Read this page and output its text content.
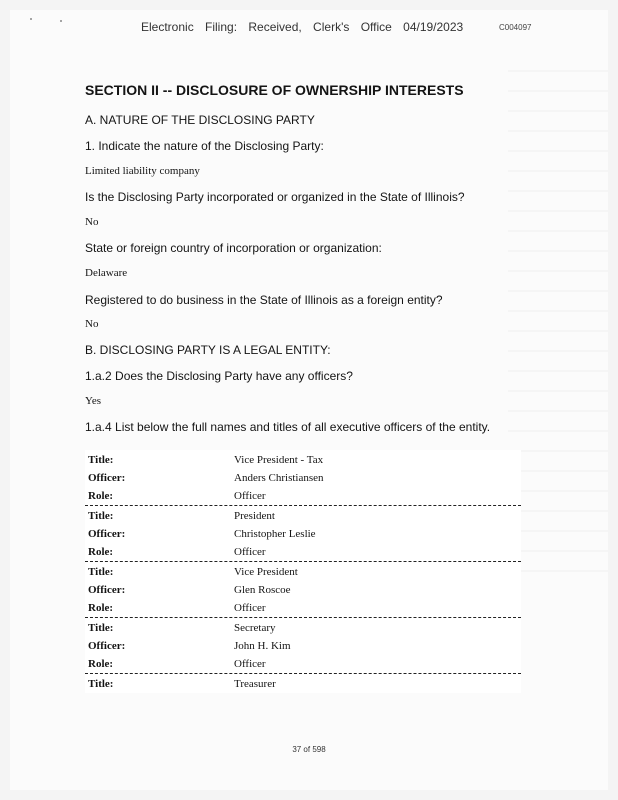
Electronic Filing: Received, Clerk's Office 04/19/2023	C004097
SECTION II -- DISCLOSURE OF OWNERSHIP INTERESTS
A. NATURE OF THE DISCLOSING PARTY
1. Indicate the nature of the Disclosing Party:
Limited liability company
Is the Disclosing Party incorporated or organized in the State of Illinois?
No
State or foreign country of incorporation or organization:
Delaware
Registered to do business in the State of Illinois as a foreign entity?
No
B. DISCLOSING PARTY IS A LEGAL ENTITY:
1.a.2 Does the Disclosing Party have any officers?
Yes
1.a.4 List below the full names and titles of all executive officers of the entity.
Title:	Vice President - Tax
Officer:	Anders Christiansen
Role:	Officer
Title:	President
Officer:	Christopher Leslie
Role:	Officer
Title:	Vice President
Officer:	Glen Roscoe
Role:	Officer
Title:	Secretary
Officer:	John H. Kim
Role:	Officer
Title:	Treasurer
37 of 598
